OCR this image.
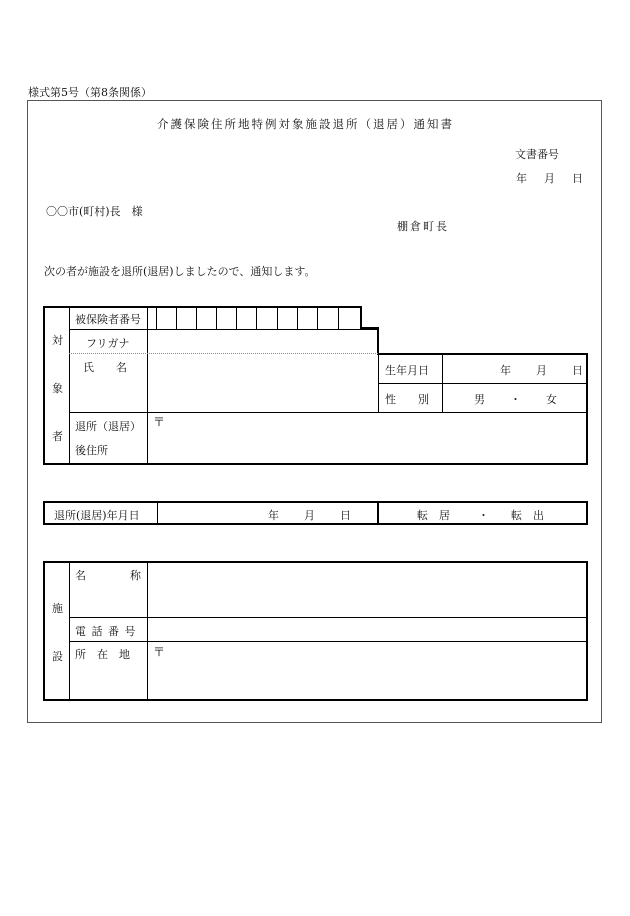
様式第5号（第8条関係）
介護保険住所地特例対象施設退所（退居）通知書
文書番号
年　月　日
〇〇市(町村)長　様
棚倉町長
次の者が施設を退所(退居)しましたので、通知します。
対
象
者
被保険者番号
フリガナ
氏　　名	生年月日	年 月 日
性　　別	男 ・ 女
退所（退居）
後住所
〒
退所(退居)年月日	年 月 日	転　居	・ 転　出
施
設
名　　　　称
電 話 番 号
所　在　地 〒
